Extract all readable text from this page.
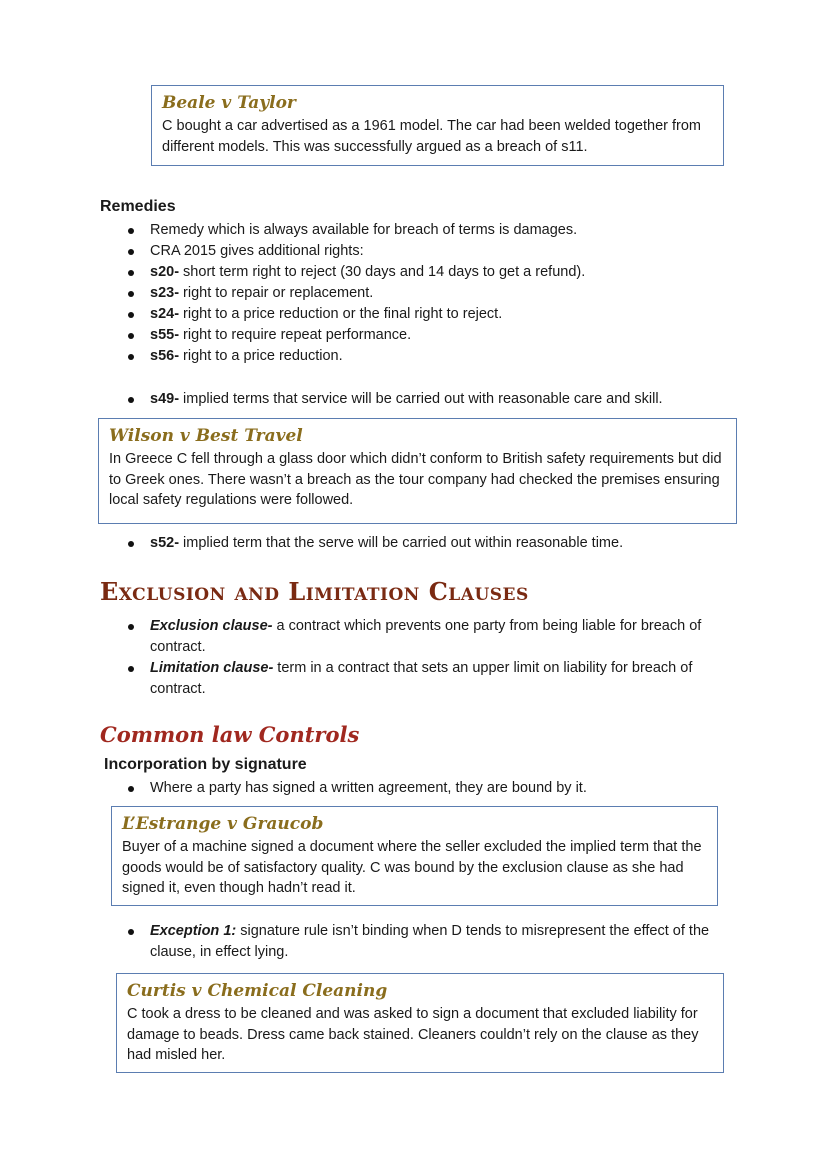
Beale v Taylor

C bought a car advertised as a 1961 model. The car had been welded together from different models. This was successfully argued as a breach of s11.

Remedies
Remedy which is always available for breach of terms is damages.
CRA 2015 gives additional rights:
s20- short term right to reject (30 days and 14 days to get a refund).
s23- right to repair or replacement.
s24- right to a price reduction or the final right to reject.
s55- right to require repeat performance.
s56- right to a price reduction.
s49- implied terms that service will be carried out with reasonable care and skill.
Wilson v Best Travel

In Greece C fell through a glass door which didn’t conform to British safety requirements but did to Greek ones. There wasn’t a breach as the tour company had checked the premises ensuring local safety regulations were followed.

s52- implied term that the serve will be carried out within reasonable time.
Exclusion and Limitation Clauses
Exclusion clause- a contract which prevents one party from being liable for breach of contract.
Limitation clause- term in a contract that sets an upper limit on liability for breach of contract.
Common law Controls
Incorporation by signature
Where a party has signed a written agreement, they are bound by it.
L’Estrange v Graucob

Buyer of a machine signed a document where the seller excluded the implied term that the goods would be of satisfactory quality. C was bound by the exclusion clause as she had signed it, even though hadn’t read it.

Exception 1: signature rule isn’t binding when D tends to misrepresent the effect of the clause, in effect lying.
Curtis v Chemical Cleaning

C took a dress to be cleaned and was asked to sign a document that excluded liability for damage to beads. Dress came back stained. Cleaners couldn’t rely on the clause as they had misled her.
